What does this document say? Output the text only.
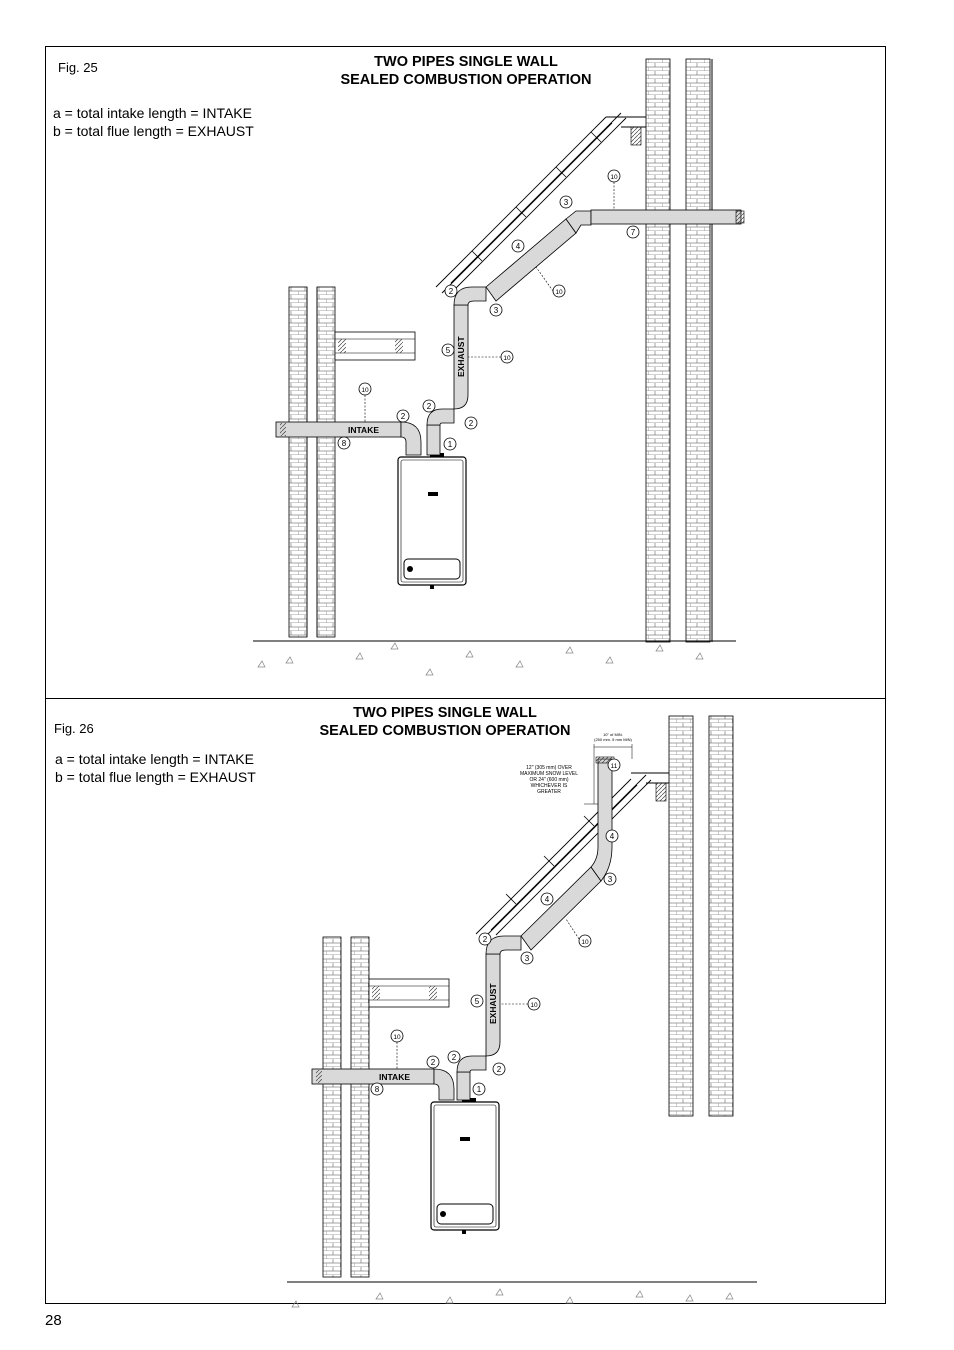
Fig. 25	TWO PIPES SINGLE WALL
SEALED COMBUSTION OPERATION
a = total intake length = INTAKE
b = total flue length = EXHAUST
INTAKE
EXHAUST
1
2
2
2
2
3
3
4
5
7
8
10
10
10
10
Fig. 26
TWO PIPES SINGLE WALL
SEALED COMBUSTION OPERATION
a = total intake length = INTAKE
b = total flue length = EXHAUST
12" (305 mm) OVER
MAXIMUM SNOW LEVEL
OR 24" (600 mm)
WHICHEVER IS
GREATER
10" of MIN.
(250 mm. 5 mm MIN)
INTAKE
EXHAUST
1
2
2
2
2
3
3
4
4
5
8
10
10
10
11
28
